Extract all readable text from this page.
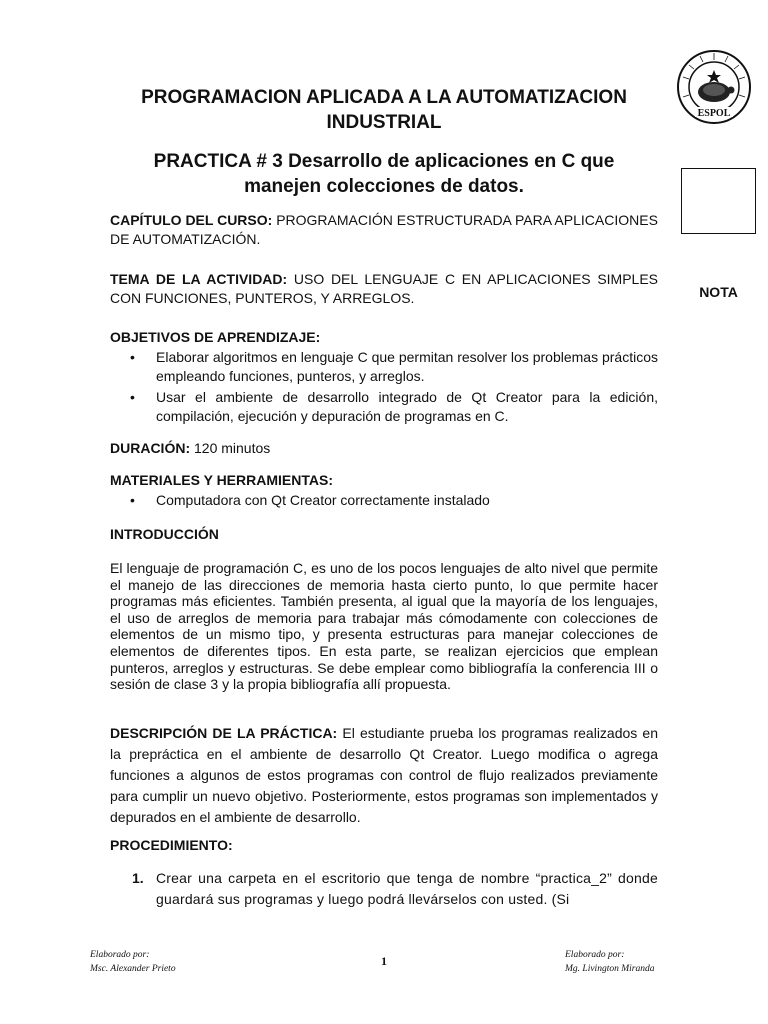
ESPOL
NOTA
PROGRAMACION APLICADA A LA AUTOMATIZACION
INDUSTRIAL
PRACTICA # 3 Desarrollo de aplicaciones en C que
manejen colecciones de datos.
CAPÍTULO DEL CURSO: PROGRAMACIÓN ESTRUCTURADA PARA APLICACIONES DE AUTOMATIZACIÓN.
TEMA DE LA ACTIVIDAD: USO DEL LENGUAJE C EN APLICACIONES SIMPLES CON FUNCIONES, PUNTEROS, Y ARREGLOS.
OBJETIVOS DE APRENDIZAJE:
• Elaborar algoritmos en lenguaje C que permitan resolver los problemas prácticos empleando funciones, punteros, y arreglos.
• Usar el ambiente de desarrollo integrado de Qt Creator para la edición, compilación, ejecución y depuración de programas en C.
DURACIÓN: 120 minutos
MATERIALES Y HERRAMIENTAS:
• Computadora con Qt Creator correctamente instalado
INTRODUCCIÓN
El lenguaje de programación C, es uno de los pocos lenguajes de alto nivel que permite el manejo de las direcciones de memoria hasta cierto punto, lo que permite hacer programas más eficientes. También presenta, al igual que la mayoría de los lenguajes, el uso de arreglos de memoria para trabajar más cómodamente con colecciones de elementos de un mismo tipo, y presenta estructuras para manejar colecciones de elementos de diferentes tipos. En esta parte, se realizan ejercicios que emplean punteros, arreglos y estructuras. Se debe emplear como bibliografía la conferencia III o sesión de clase 3 y la propia bibliografía allí propuesta.
DESCRIPCIÓN DE LA PRÁCTICA: El estudiante prueba los programas realizados en la prepráctica en el ambiente de desarrollo Qt Creator. Luego modifica o agrega funciones a algunos de estos programas con control de flujo realizados previamente para cumplir un nuevo objetivo. Posteriormente, estos programas son implementados y depurados en el ambiente de desarrollo.
PROCEDIMIENTO:
1. Crear una carpeta en el escritorio que tenga de nombre “practica_2” donde guardará sus programas y luego podrá llevárselos con usted. (Si
Elaborado por:
Msc. Alexander Prieto
1	Elaborado por:
Mg. Livington Miranda
